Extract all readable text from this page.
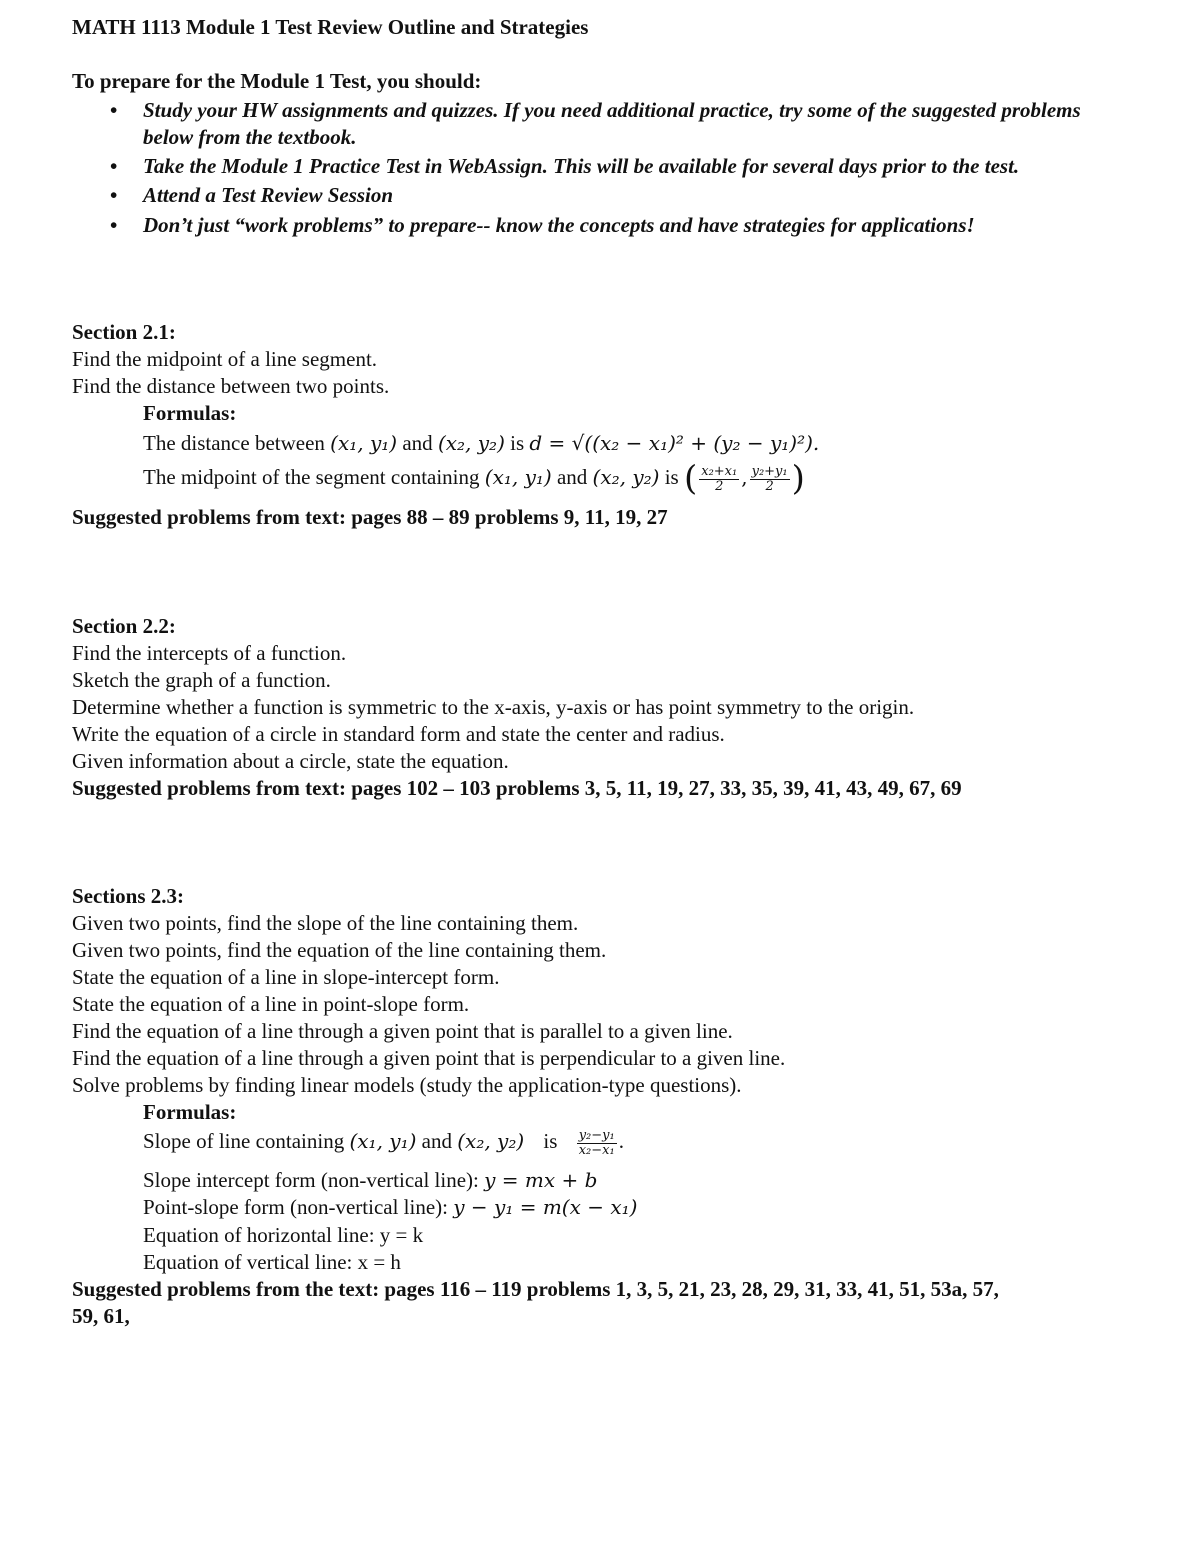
MATH 1113 Module 1 Test Review Outline and Strategies
To prepare for the Module 1 Test, you should:
• Study your HW assignments and quizzes. If you need additional practice, try some of the suggested problems below from the textbook.
• Take the Module 1 Practice Test in WebAssign. This will be available for several days prior to the test.
• Attend a Test Review Session
• Don’t just “work problems” to prepare-- know the concepts and have strategies for applications!
Section 2.1:
Find the midpoint of a line segment.
Find the distance between two points.
Formulas:
The distance between (x₁, y₁) and (x₂, y₂) is d = √((x₂ − x₁)² + (y₂ − y₁)²).
The midpoint of the segment containing (x₁, y₁) and (x₂, y₂) is ( $\frac{\text{x₂+x₁}}{2}$ , $\frac{\text{y₂+y₁}}{2}$ )
Suggested problems from text: pages 88 – 89 problems 9, 11, 19, 27
Section 2.2:
Find the intercepts of a function.
Sketch the graph of a function.
Determine whether a function is symmetric to the x-axis, y-axis or has point symmetry to the origin.
Write the equation of a circle in standard form and state the center and radius.
Given information about a circle, state the equation.
Suggested problems from text: pages 102 – 103 problems 3, 5, 11, 19, 27, 33, 35, 39, 41, 43, 49, 67, 69
Sections 2.3:
Given two points, find the slope of the line containing them.
Given two points, find the equation of the line containing them.
State the equation of a line in slope-intercept form.
State the equation of a line in point-slope form.
Find the equation of a line through a given point that is parallel to a given line.
Find the equation of a line through a given point that is perpendicular to a given line.
Solve problems by finding linear models (study the application-type questions).
Formulas:
Slope of line containing (x₁, y₁) and (x₂, y₂) is $\frac{\text{y₂−y₁}}{\text{x₂−x₁}}$ .
Slope intercept form (non-vertical line): y = mx + b
Point-slope form (non-vertical line): y − y₁ = m(x − x₁)
Equation of horizontal line: y = k
Equation of vertical line: x = h
Suggested problems from the text: pages 116 – 119 problems 1, 3, 5, 21, 23, 28, 29, 31, 33, 41, 51, 53a, 57,
59, 61,
